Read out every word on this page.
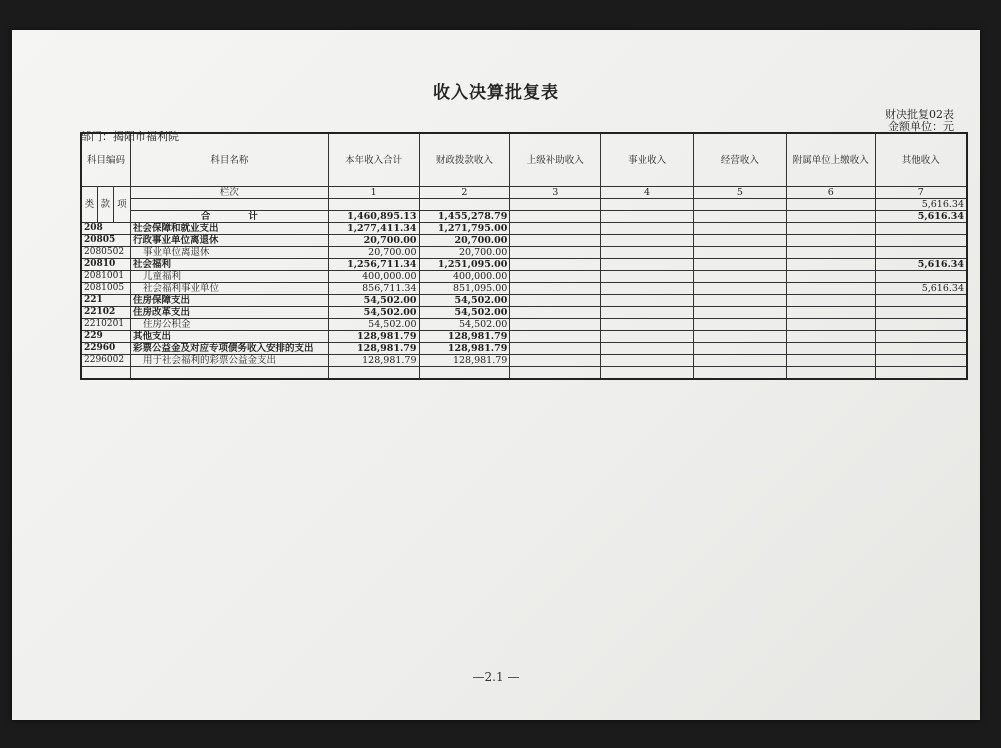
收入决算批复表
财决批复02表
金额单位：元
部门：揭阳市福利院
科目编码			科目名称	本年收入合计	财政拨款收入	上级补助收入	事业收入	经营收入	附属单位上缴收入	其他收入
类	款	项	栏次	1	2	3	4	5	6	7
										5,616.34
			合　　　　计	1,460,895.13	1,455,278.79					5,616.34
208			社会保障和就业支出	1,277,411.34	1,271,795.00					
20805			行政事业单位离退休	20,700.00	20,700.00					
2080502			事业单位离退休	20,700.00	20,700.00					
20810			社会福利	1,256,711.34	1,251,095.00					5,616.34
2081001			儿童福利	400,000.00	400,000.00					
2081005			社会福利事业单位	856,711.34	851,095.00					5,616.34
221			住房保障支出	54,502.00	54,502.00					
22102			住房改革支出	54,502.00	54,502.00					
2210201			住房公积金	54,502.00	54,502.00					
229			其他支出	128,981.79	128,981.79					
22960			彩票公益金及对应专项债务收入安排的支出	128,981.79	128,981.79					
2296002			用于社会福利的彩票公益金支出	128,981.79	128,981.79					

—2.1 —
